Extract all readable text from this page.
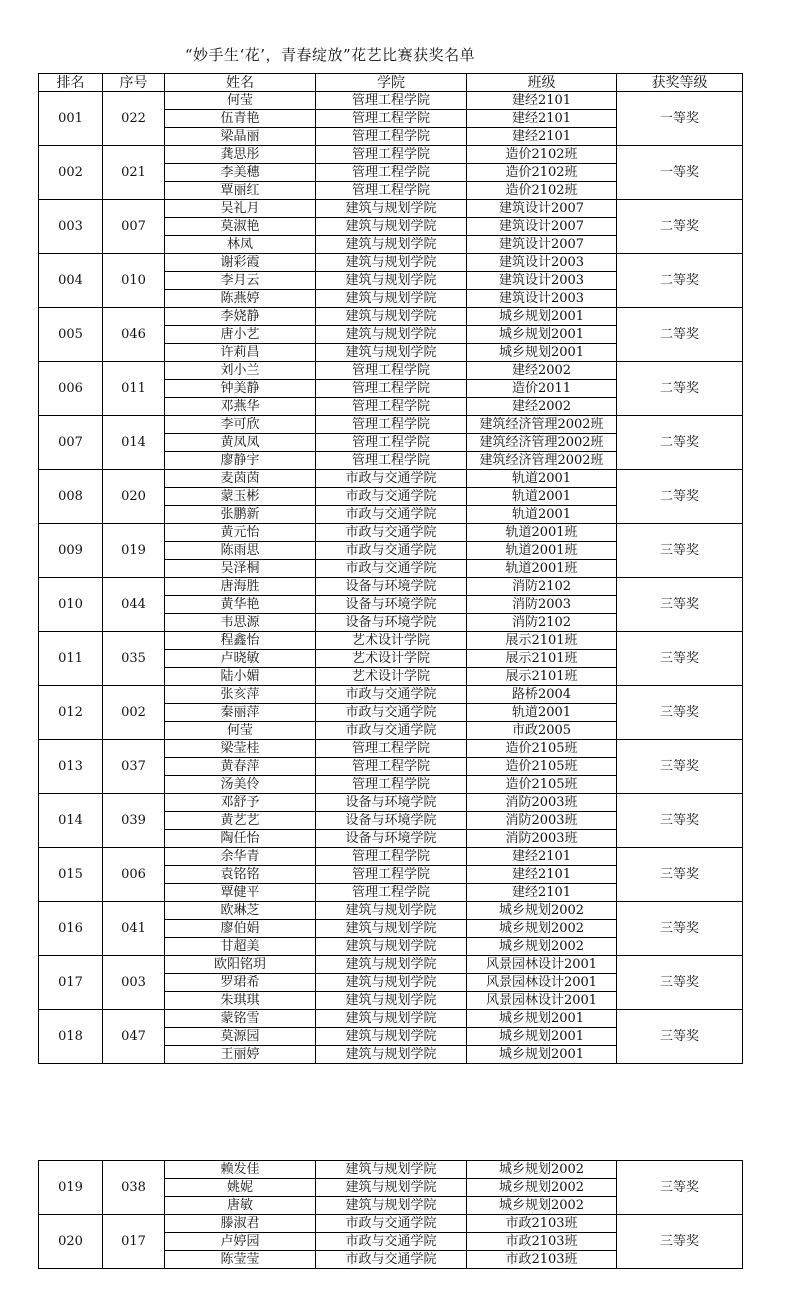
“妙手生‘花’，青春绽放”花艺比赛获奖名单
排名	序号	姓名	学院	班级	获奖等级
001	022	何莹	管理工程学院	建经2101	一等奖
		伍青艳	管理工程学院	建经2101	
		梁晶丽	管理工程学院	建经2101	
002	021	龚思彤	管理工程学院	造价2102班	一等奖
		李美穗	管理工程学院	造价2102班	
		覃丽红	管理工程学院	造价2102班	
003	007	吴礼月	建筑与规划学院	建筑设计2007	二等奖
		莫淑艳	建筑与规划学院	建筑设计2007	
		林凤	建筑与规划学院	建筑设计2007	
004	010	谢彩霞	建筑与规划学院	建筑设计2003	二等奖
		李月云	建筑与规划学院	建筑设计2003	
		陈燕婷	建筑与规划学院	建筑设计2003	
005	046	李娆静	建筑与规划学院	城乡规划2001	二等奖
		唐小艺	建筑与规划学院	城乡规划2001	
		许莉昌	建筑与规划学院	城乡规划2001	
006	011	刘小兰	管理工程学院	建经2002	二等奖
		钟美静	管理工程学院	造价2011	
		邓燕华	管理工程学院	建经2002	
007	014	李可欣	管理工程学院	建筑经济管理2002班	二等奖
		黄凤凤	管理工程学院	建筑经济管理2002班	
		廖静宇	管理工程学院	建筑经济管理2002班	
008	020	麦茵茵	市政与交通学院	轨道2001	二等奖
		蒙玉彬	市政与交通学院	轨道2001	
		张鹏新	市政与交通学院	轨道2001	
009	019	黄元怡	市政与交通学院	轨道2001班	三等奖
		陈雨思	市政与交通学院	轨道2001班	
		吴泽桐	市政与交通学院	轨道2001班	
010	044	唐海胜	设备与环境学院	消防2102	三等奖
		黄华艳	设备与环境学院	消防2003	
		韦思源	设备与环境学院	消防2102	
011	035	程鑫怡	艺术设计学院	展示2101班	三等奖
		卢晓敏	艺术设计学院	展示2101班	
		陆小媚	艺术设计学院	展示2101班	
012	002	张亥萍	市政与交通学院	路桥2004	三等奖
		秦丽萍	市政与交通学院	轨道2001	
		何莹	市政与交通学院	市政2005	
013	037	梁莹桂	管理工程学院	造价2105班	三等奖
		黄春萍	管理工程学院	造价2105班	
		汤美伶	管理工程学院	造价2105班	
014	039	邓舒予	设备与环境学院	消防2003班	三等奖
		黄艺艺	设备与环境学院	消防2003班	
		陶任怡	设备与环境学院	消防2003班	
015	006	余华青	管理工程学院	建经2101	三等奖
		袁铭铭	管理工程学院	建经2101	
		覃健平	管理工程学院	建经2101	
016	041	欧琳芝	建筑与规划学院	城乡规划2002	三等奖
		廖伯娟	建筑与规划学院	城乡规划2002	
		甘超美	建筑与规划学院	城乡规划2002	
017	003	欧阳铭玥	建筑与规划学院	风景园林设计2001	三等奖
		罗珺希	建筑与规划学院	风景园林设计2001	
		朱琪琪	建筑与规划学院	风景园林设计2001	
018	047	蒙铭雪	建筑与规划学院	城乡规划2001	三等奖
		莫源园	建筑与规划学院	城乡规划2001	
		王丽婷	建筑与规划学院	城乡规划2001	
019	038	赖发佳	建筑与规划学院	城乡规划2002	三等奖
		姚妮	建筑与规划学院	城乡规划2002	
		唐敏	建筑与规划学院	城乡规划2002	
020	017	滕淑君	市政与交通学院	市政2103班	三等奖
		卢婷园	市政与交通学院	市政2103班	
		陈莹莹	市政与交通学院	市政2103班	
